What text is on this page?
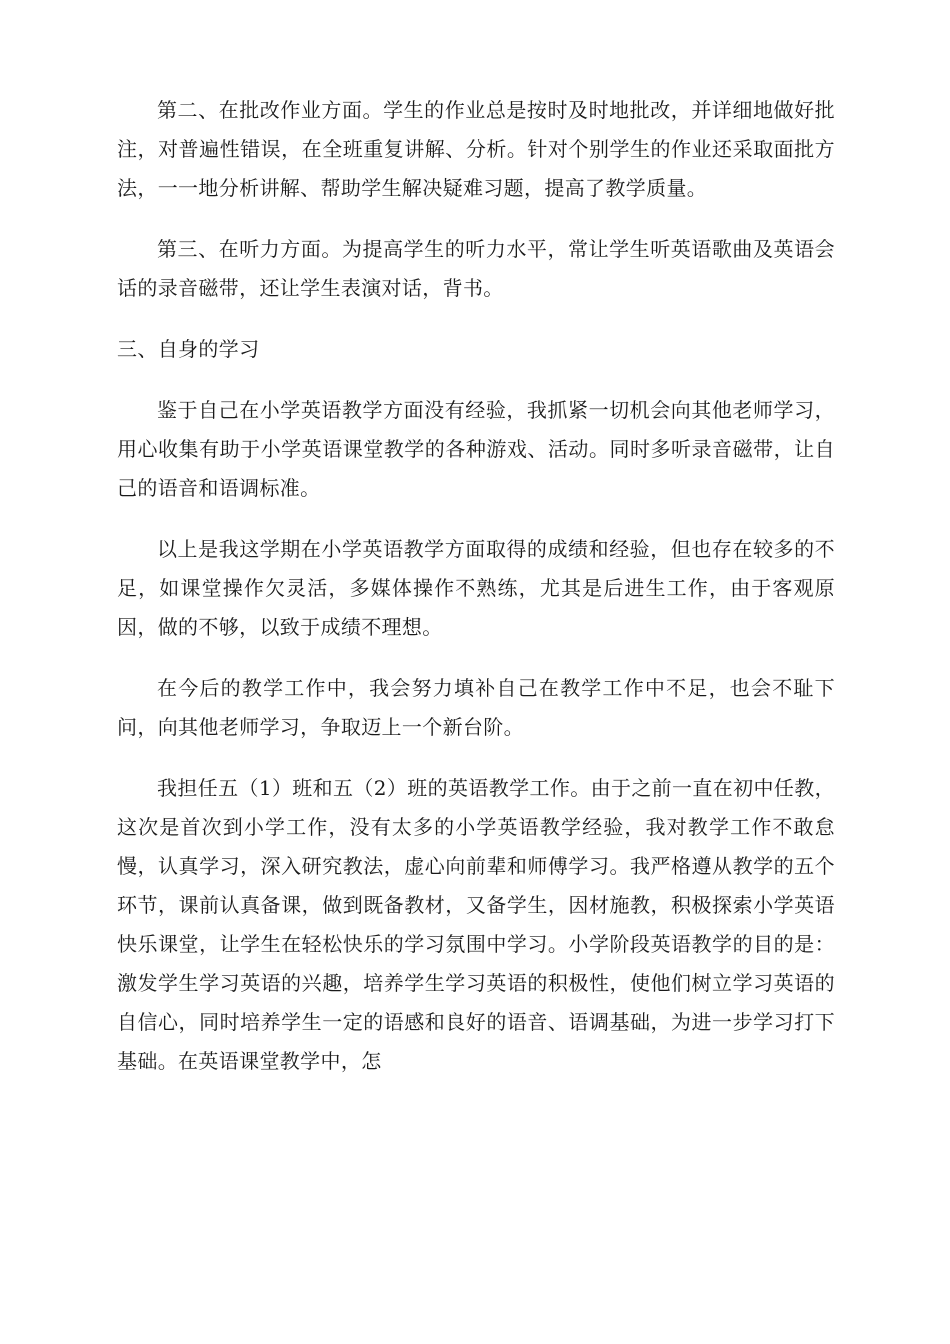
第二、在批改作业方面。学生的作业总是按时及时地批改，并详细地做好批注，对普遍性错误，在全班重复讲解、分析。针对个别学生的作业还采取面批方法，一一地分析讲解、帮助学生解决疑难习题，提高了教学质量。

第三、在听力方面。为提高学生的听力水平，常让学生听英语歌曲及英语会话的录音磁带，还让学生表演对话，背书。

三、自身的学习

鉴于自己在小学英语教学方面没有经验，我抓紧一切机会向其他老师学习，用心收集有助于小学英语课堂教学的各种游戏、活动。同时多听录音磁带，让自己的语音和语调标准。

以上是我这学期在小学英语教学方面取得的成绩和经验，但也存在较多的不足，如课堂操作欠灵活，多媒体操作不熟练，尤其是后进生工作，由于客观原因，做的不够，以致于成绩不理想。

在今后的教学工作中，我会努力填补自己在教学工作中不足，也会不耻下问，向其他老师学习，争取迈上一个新台阶。

我担任五（1）班和五（2）班的英语教学工作。由于之前一直在初中任教，这次是首次到小学工作，没有太多的小学英语教学经验，我对教学工作不敢怠慢，认真学习，深入研究教法，虚心向前辈和师傅学习。我严格遵从教学的五个环节，课前认真备课，做到既备教材，又备学生，因材施教，积极探索小学英语快乐课堂，让学生在轻松快乐的学习氛围中学习。小学阶段英语教学的目的是：激发学生学习英语的兴趣，培养学生学习英语的积极性，使他们树立学习英语的自信心，同时培养学生一定的语感和良好的语音、语调基础，为进一步学习打下基础。在英语课堂教学中，怎
